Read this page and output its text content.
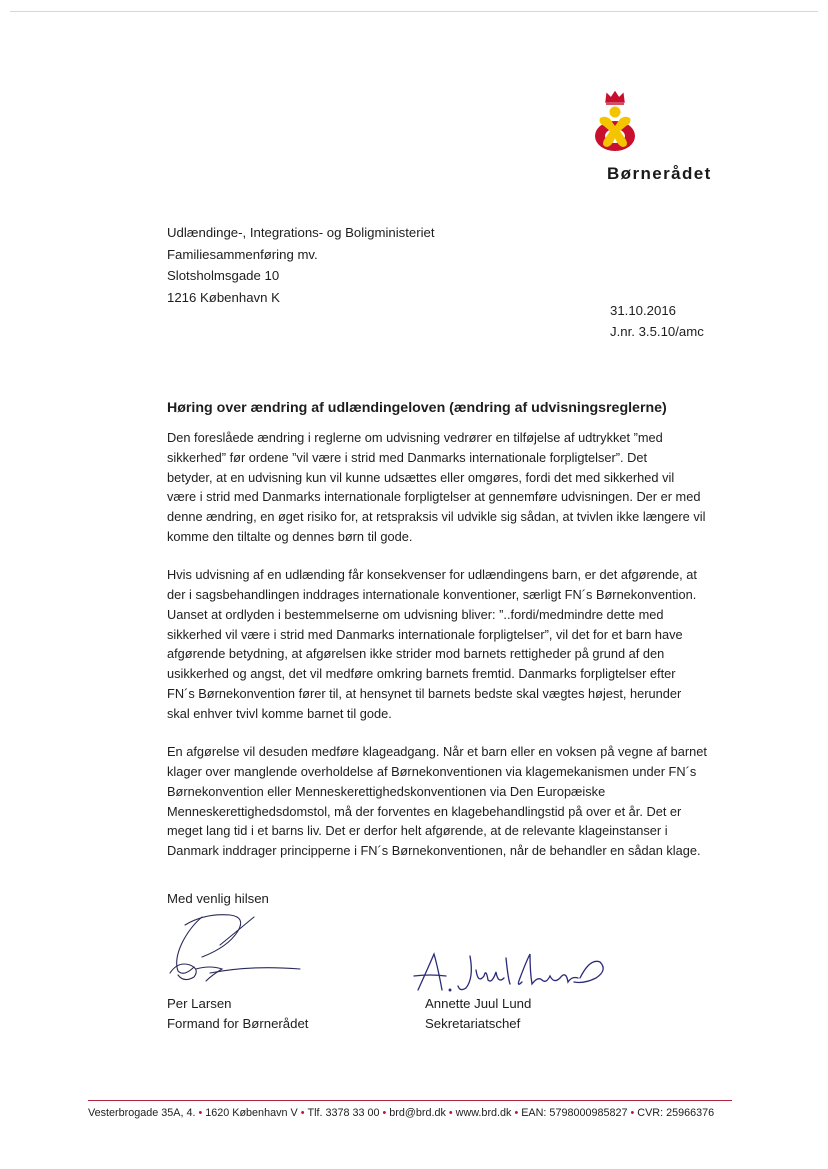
Børnerådet
Udlændinge-, Integrations- og Boligministeriet
Familiesammenføring mv.
Slotsholmsgade 10
1216 København K
31.10.2016
J.nr. 3.5.10/amc
Høring over ændring af udlændingeloven (ændring af udvisningsreglerne)

Den foreslåede ændring i reglerne om udvisning vedrører en tilføjelse af udtrykket ”med
sikkerhed” før ordene ”vil være i strid med Danmarks internationale forpligtelser”. Det
betyder, at en udvisning kun vil kunne udsættes eller omgøres, fordi det med sikkerhed vil
være i strid med Danmarks internationale forpligtelser at gennemføre udvisningen. Der er med
denne ændring, en øget risiko for, at retspraksis vil udvikle sig sådan, at tvivlen ikke længere vil
komme den tiltalte og dennes børn til gode.

Hvis udvisning af en udlænding får konsekvenser for udlændingens barn, er det afgørende, at
der i sagsbehandlingen inddrages internationale konventioner, særligt FN´s Børnekonvention.
Uanset at ordlyden i bestemmelserne om udvisning bliver: ”..fordi/medmindre dette med
sikkerhed vil være i strid med Danmarks internationale forpligtelser”, vil det for et barn have
afgørende betydning, at afgørelsen ikke strider mod barnets rettigheder på grund af den
usikkerhed og angst, det vil medføre omkring barnets fremtid. Danmarks forpligtelser efter
FN´s Børnekonvention fører til, at hensynet til barnets bedste skal vægtes højest, herunder
skal enhver tvivl komme barnet til gode.

En afgørelse vil desuden medføre klageadgang. Når et barn eller en voksen på vegne af barnet
klager over manglende overholdelse af Børnekonventionen via klagemekanismen under FN´s
Børnekonvention eller Menneskerettighedskonventionen via Den Europæiske
Menneskerettighedsdomstol, må der forventes en klagebehandlingstid på over et år. Det er
meget lang tid i et barns liv. Det er derfor helt afgørende, at de relevante klageinstanser i
Danmark inddrager principperne i FN´s Børnekonventionen, når de behandler en sådan klage.

Med venlig hilsen
Per Larsen
Formand for Børnerådet
Annette Juul Lund
Sekretariatschef
Vesterbrogade 35A, 4. • 1620 København V • Tlf. 3378 33 00 • brd@brd.dk • www.brd.dk • EAN: 5798000985827 • CVR: 25966376
